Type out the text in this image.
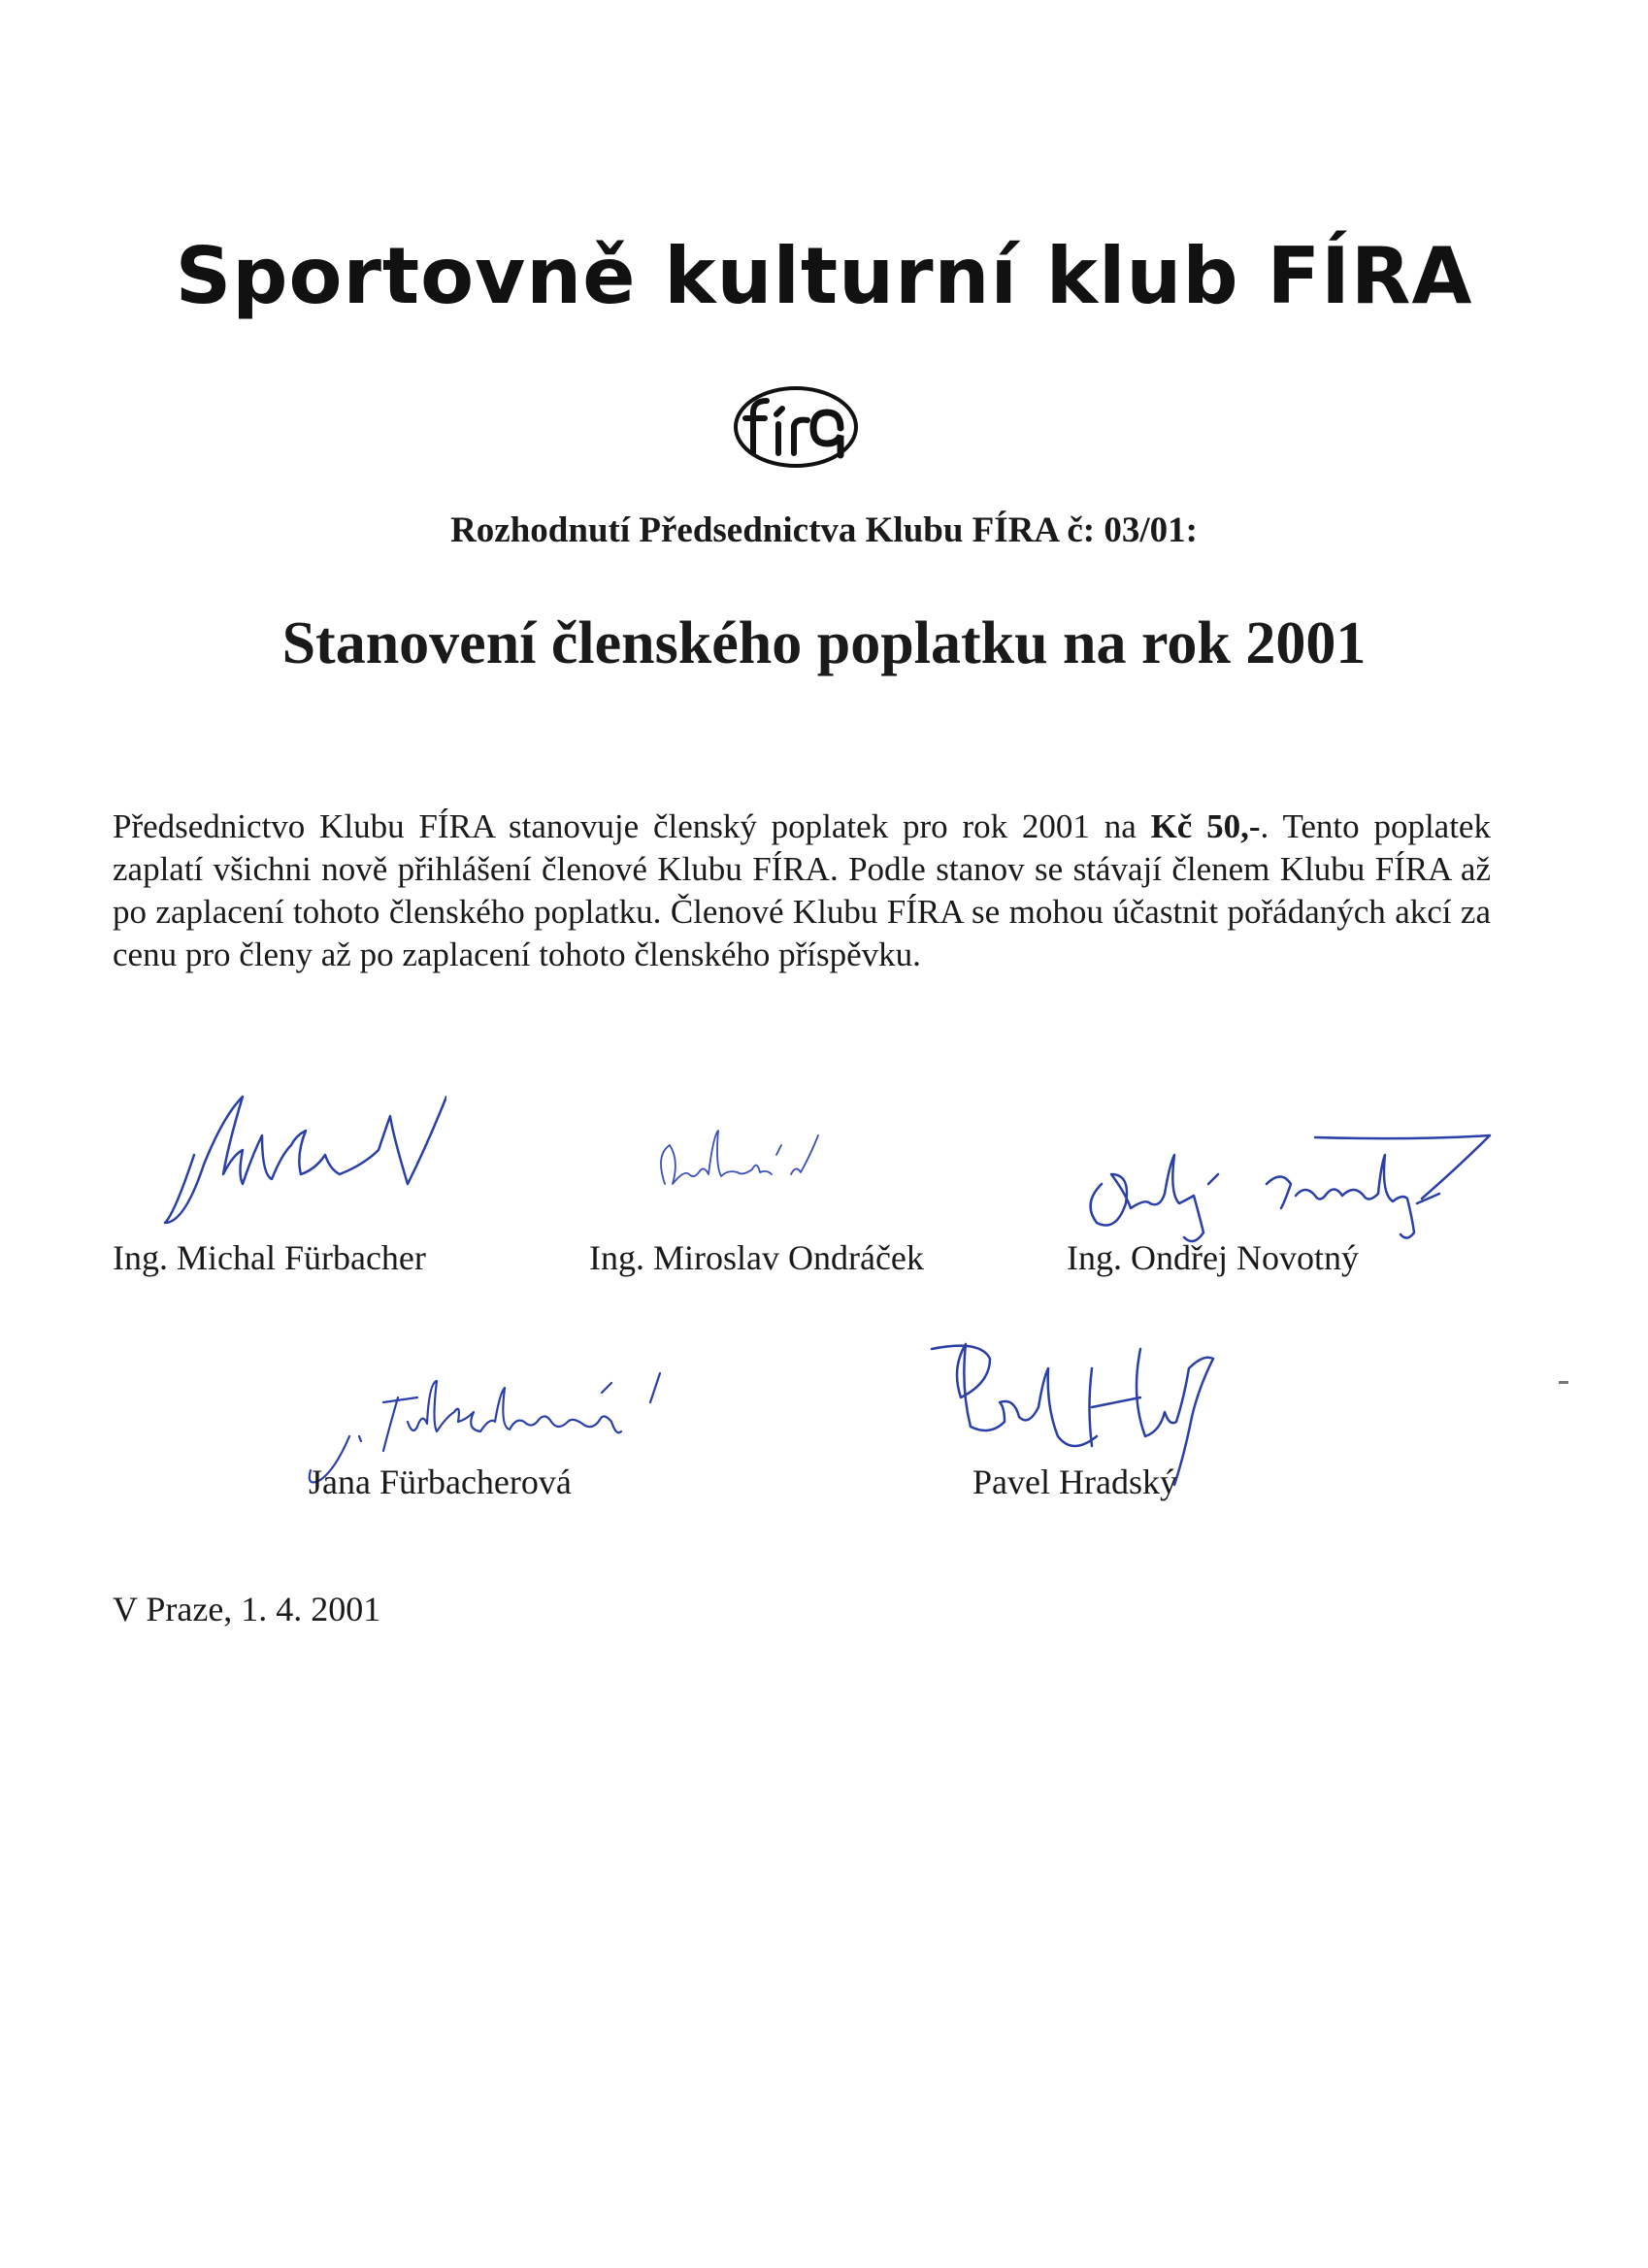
Sportovně kulturní klub FÍRA
Rozhodnutí Předsednictva Klubu FÍRA č: 03/01:
Stanovení členského poplatku na rok 2001
Předsednictvo Klubu FÍRA stanovuje členský poplatek pro rok 2001 na Kč 50,-. Tento poplatek zaplatí všichni nově přihlášení členové Klubu FÍRA. Podle stanov se stávají členem Klubu FÍRA až po zaplacení tohoto členského poplatku. Členové Klubu FÍRA se mohou účastnit pořádaných akcí za cenu pro členy až po zaplacení tohoto členského příspěvku.
Ing. Michal Fürbacher	Ing. Miroslav Ondráček	Ing. Ondřej Novotný
Jana Fürbacherová	Pavel Hradský
V Praze, 1. 4. 2001
